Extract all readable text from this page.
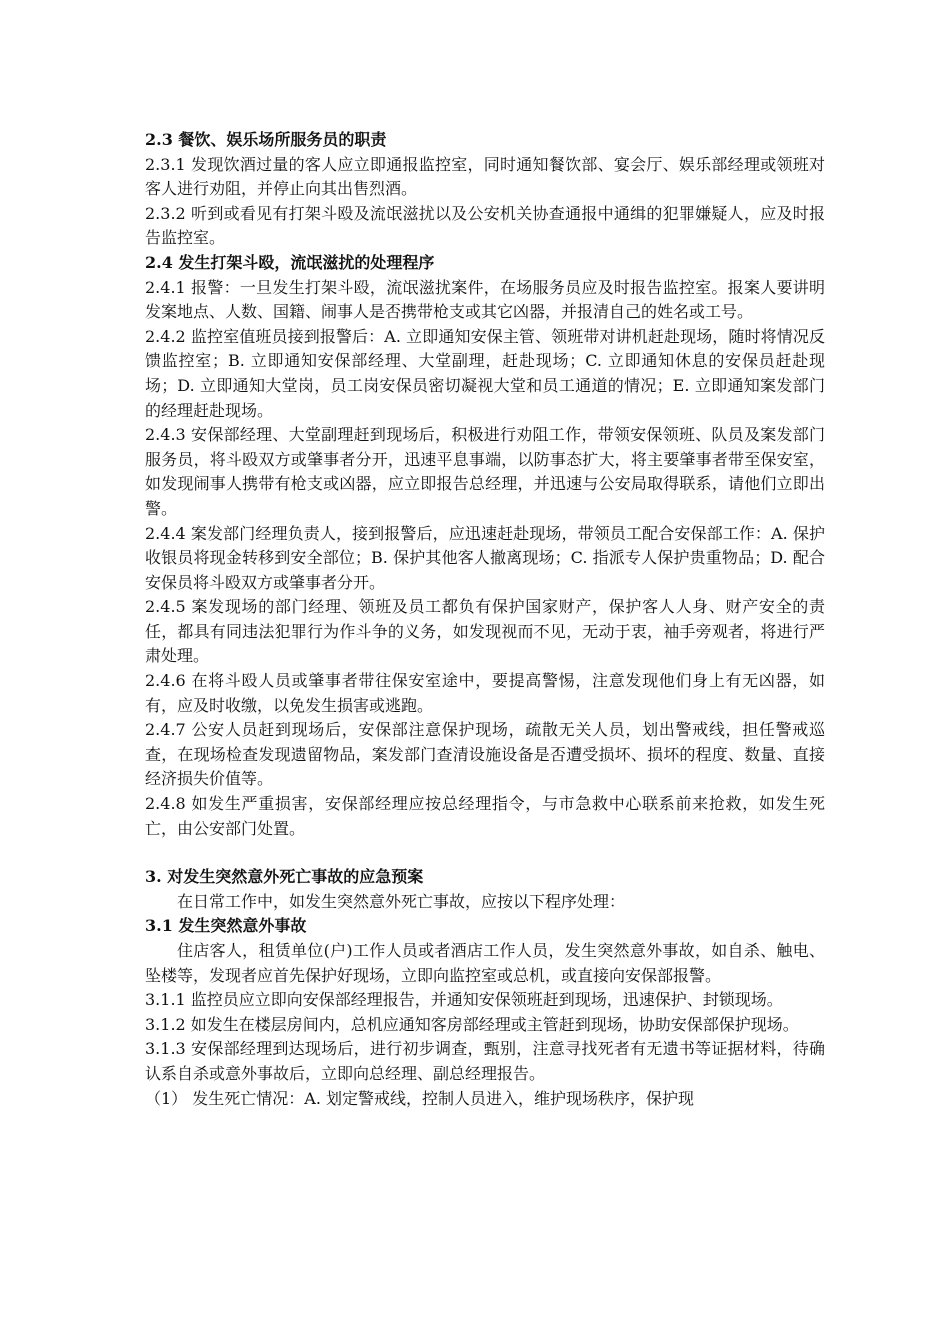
2.3 餐饮、娱乐场所服务员的职责

2.3.1 发现饮酒过量的客人应立即通报监控室，同时通知餐饮部、宴会厅、娱乐部经理或领班对客人进行劝阻，并停止向其出售烈酒。

2.3.2 听到或看见有打架斗殴及流氓滋扰以及公安机关协查通报中通缉的犯罪嫌疑人，应及时报告监控室。

2.4 发生打架斗殴，流氓滋扰的处理程序

2.4.1 报警：一旦发生打架斗殴，流氓滋扰案件，在场服务员应及时报告监控室。报案人要讲明发案地点、人数、国籍、闹事人是否携带枪支或其它凶器，并报清自己的姓名或工号。

2.4.2 监控室值班员接到报警后：A. 立即通知安保主管、领班带对讲机赶赴现场，随时将情况反馈监控室；B. 立即通知安保部经理、大堂副理，赶赴现场；C. 立即通知休息的安保员赶赴现场；D. 立即通知大堂岗，员工岗安保员密切凝视大堂和员工通道的情况；E. 立即通知案发部门的经理赶赴现场。

2.4.3 安保部经理、大堂副理赶到现场后，积极进行劝阻工作，带领安保领班、队员及案发部门服务员，将斗殴双方或肇事者分开，迅速平息事端，以防事态扩大，将主要肇事者带至保安室，如发现闹事人携带有枪支或凶器，应立即报告总经理，并迅速与公安局取得联系，请他们立即出警。

2.4.4 案发部门经理负责人，接到报警后，应迅速赶赴现场，带领员工配合安保部工作：A. 保护收银员将现金转移到安全部位；B. 保护其他客人撤离现场；C. 指派专人保护贵重物品；D. 配合安保员将斗殴双方或肇事者分开。

2.4.5 案发现场的部门经理、领班及员工都负有保护国家财产，保护客人人身、财产安全的责任，都具有同违法犯罪行为作斗争的义务，如发现视而不见，无动于衷，袖手旁观者，将进行严肃处理。

2.4.6 在将斗殴人员或肇事者带往保安室途中，要提高警惕，注意发现他们身上有无凶器，如有，应及时收缴，以免发生损害或逃跑。

2.4.7 公安人员赶到现场后，安保部注意保护现场，疏散无关人员，划出警戒线，担任警戒巡查，在现场检查发现遗留物品，案发部门查清设施设备是否遭受损坏、损坏的程度、数量、直接经济损失价值等。

2.4.8 如发生严重损害，安保部经理应按总经理指令，与市急救中心联系前来抢救，如发生死亡，由公安部门处置。

3. 对发生突然意外死亡事故的应急预案

在日常工作中，如发生突然意外死亡事故，应按以下程序处理：

3.1 发生突然意外事故

住店客人，租赁单位(户)工作人员或者酒店工作人员，发生突然意外事故，如自杀、触电、坠楼等，发现者应首先保护好现场，立即向监控室或总机，或直接向安保部报警。

3.1.1 监控员应立即向安保部经理报告，并通知安保领班赶到现场，迅速保护、封锁现场。

3.1.2 如发生在楼层房间内，总机应通知客房部经理或主管赶到现场，协助安保部保护现场。

3.1.3 安保部经理到达现场后，进行初步调查，甄别，注意寻找死者有无遗书等证据材料，待确认系自杀或意外事故后，立即向总经理、副总经理报告。

（1） 发生死亡情况：A. 划定警戒线，控制人员进入，维护现场秩序，保护现
